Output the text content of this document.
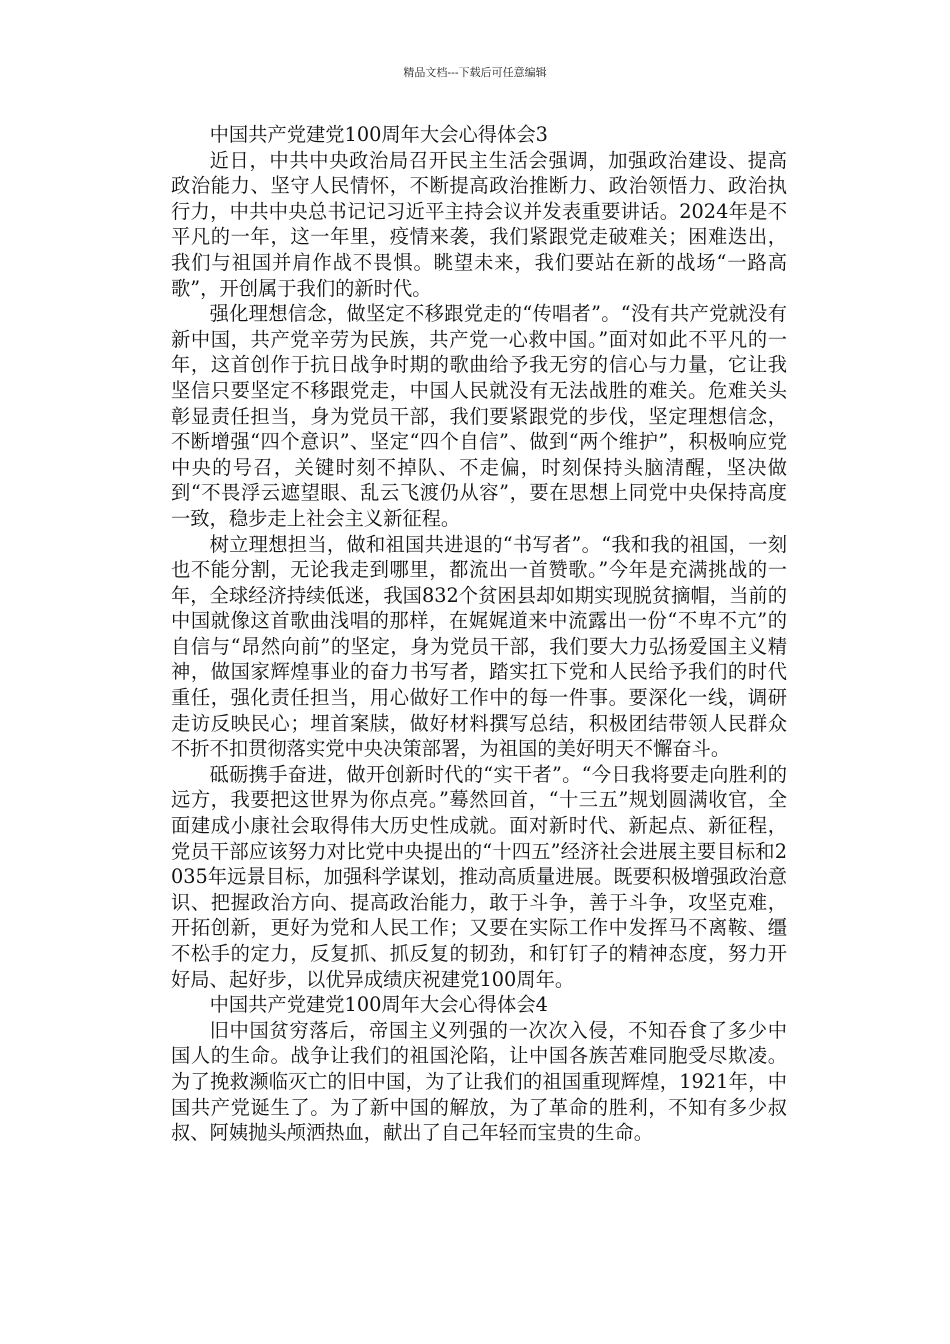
精品文档---下载后可任意编辑

中国共产党建党100周年大会心得体会3

近日，中共中央政治局召开民主生活会强调，加强政治建设、提高政治能力、坚守人民情怀，不断提高政治推断力、政治领悟力、政治执行力，中共中央总书记记习近平主持会议并发表重要讲话。2024年是不平凡的一年，这一年里，疫情来袭，我们紧跟党走破难关；困难迭出，我们与祖国并肩作战不畏惧。眺望未来，我们要站在新的战场“一路高歌”，开创属于我们的新时代。

强化理想信念，做坚定不移跟党走的“传唱者”。“没有共产党就没有新中国，共产党辛劳为民族，共产党一心救中国。”面对如此不平凡的一年，这首创作于抗日战争时期的歌曲给予我无穷的信心与力量，它让我坚信只要坚定不移跟党走，中国人民就没有无法战胜的难关。危难关头彰显责任担当，身为党员干部，我们要紧跟党的步伐，坚定理想信念，不断增强“四个意识”、坚定“四个自信”、做到“两个维护”，积极响应党中央的号召，关键时刻不掉队、不走偏，时刻保持头脑清醒，坚决做到“不畏浮云遮望眼、乱云飞渡仍从容”，要在思想上同党中央保持高度一致，稳步走上社会主义新征程。

树立理想担当，做和祖国共进退的“书写者”。“我和我的祖国，一刻也不能分割，无论我走到哪里，都流出一首赞歌。”今年是充满挑战的一年，全球经济持续低迷，我国832个贫困县却如期实现脱贫摘帽，当前的中国就像这首歌曲浅唱的那样，在娓娓道来中流露出一份“不卑不亢”的自信与“昂然向前”的坚定，身为党员干部，我们要大力弘扬爱国主义精神，做国家辉煌事业的奋力书写者，踏实扛下党和人民给予我们的时代重任，强化责任担当，用心做好工作中的每一件事。要深化一线，调研走访反映民心；埋首案牍，做好材料撰写总结，积极团结带领人民群众不折不扣贯彻落实党中央决策部署，为祖国的美好明天不懈奋斗。

砥砺携手奋进，做开创新时代的“实干者”。“今日我将要走向胜利的远方，我要把这世界为你点亮。”蓦然回首，“十三五”规划圆满收官，全面建成小康社会取得伟大历史性成就。面对新时代、新起点、新征程，党员干部应该努力对比党中央提出的“十四五”经济社会进展主要目标和2035年远景目标，加强科学谋划，推动高质量进展。既要积极增强政治意识、把握政治方向、提高政治能力，敢于斗争，善于斗争，攻坚克难，开拓创新，更好为党和人民工作；又要在实际工作中发挥马不离鞍、缰不松手的定力，反复抓、抓反复的韧劲，和钉钉子的精神态度，努力开好局、起好步，以优异成绩庆祝建党100周年。

中国共产党建党100周年大会心得体会4

旧中国贫穷落后，帝国主义列强的一次次入侵，不知吞食了多少中国人的生命。战争让我们的祖国沦陷，让中国各族苦难同胞受尽欺凌。为了挽救濒临灭亡的旧中国，为了让我们的祖国重现辉煌，1921年，中国共产党诞生了。为了新中国的解放，为了革命的胜利，不知有多少叔叔、阿姨抛头颅洒热血，献出了自己年轻而宝贵的生命。
